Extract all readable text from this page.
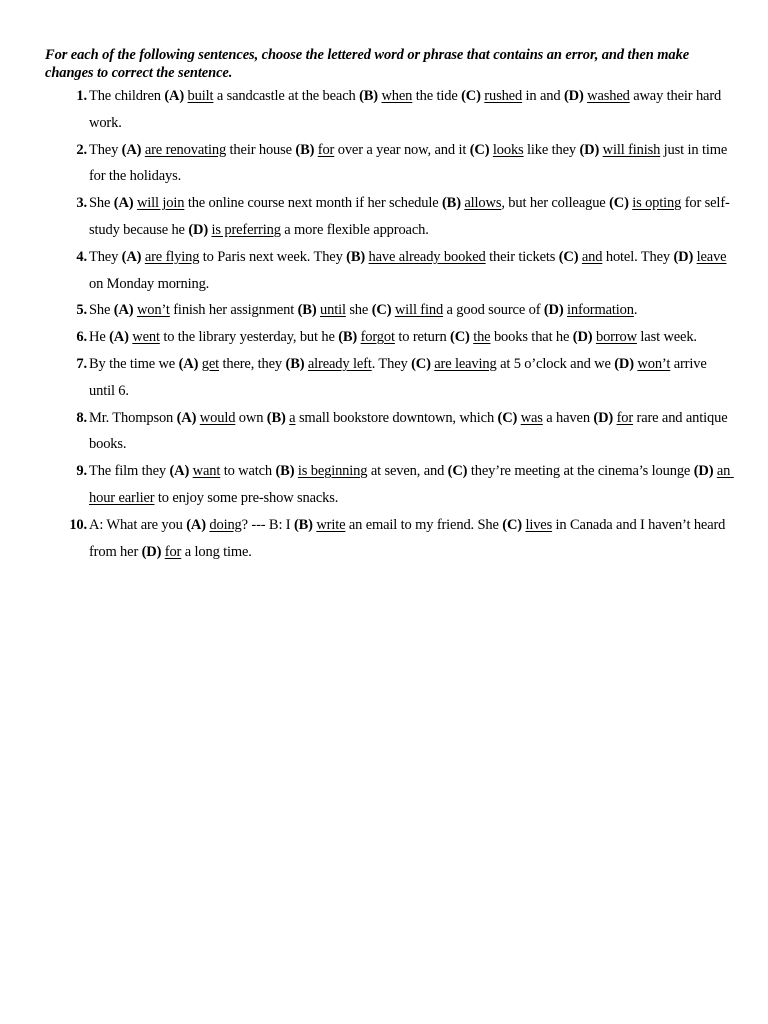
For each of the following sentences, choose the lettered word or phrase that contains an error, and then make changes to correct the sentence.

1. The children (A) built a sandcastle at the beach (B) when the tide (C) rushed in and (D) washed away their hard work.
2. They (A) are renovating their house (B) for over a year now, and it (C) looks like they (D) will finish just in time for the holidays.
3. She (A) will join the online course next month if her schedule (B) allows, but her colleague (C) is opting for self-study because he (D) is preferring a more flexible approach.
4. They (A) are flying to Paris next week. They (B) have already booked their tickets (C) and hotel. They (D) leave on Monday morning.
5. She (A) won’t finish her assignment (B) until she (C) will find a good source of (D) information.
6. He (A) went to the library yesterday, but he (B) forgot to return (C) the books that he (D) borrow last week.
7. By the time we (A) get there, they (B) already left. They (C) are leaving at 5 o’clock and we (D) won’t arrive until 6.
8. Mr. Thompson (A) would own (B) a small bookstore downtown, which (C) was a haven (D) for rare and antique books.
9. The film they (A) want to watch (B) is beginning at seven, and (C) they’re meeting at the cinema’s lounge (D) an hour earlier to enjoy some pre-show snacks.
10. A: What are you (A) doing? --- B: I (B) write an email to my friend. She (C) lives in Canada and I haven’t heard from her (D) for a long time.
